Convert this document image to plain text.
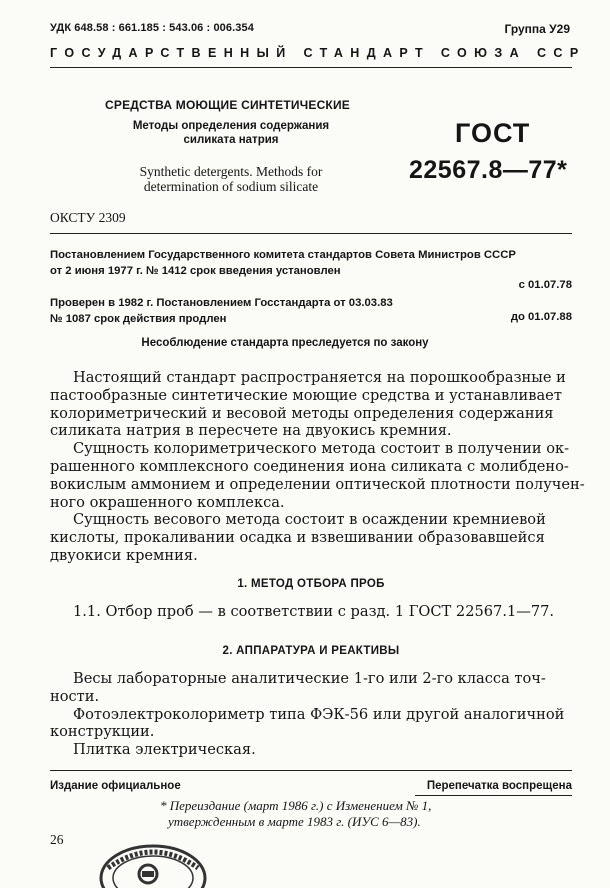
УДК 648.58 : 661.185 : 543.06 : 006.354	Группа У29
ГОСУДАРСТВЕННЫЙ СТАНДАРТ СОЮЗА ССР
СРЕДСТВА МОЮЩИЕ СИНТЕТИЧЕСКИЕ
Методы определения содержания
силиката натрия
Synthetic detergents. Methods for
determination of sodium silicate
ГОСТ
22567.8—77*
ОКСТУ 2309
Постановлением Государственного комитета стандартов Совета Министров СССР
от 2 июня 1977 г. № 1412 срок введения установлен
с 01.07.78
Проверен в 1982 г. Постановлением Госстандарта от 03.03.83
№ 1087 срок действия продлен	до 01.07.88
Несоблюдение стандарта преследуется по закону

Настоящий стандарт распространяется на порошкообразные и
пастообразные синтетические моющие средства и устанавливает
колориметрический и весовой методы определения содержания
силиката натрия в пересчете на двуокись кремния.

Сущность колориметрического метода состоит в получении ок-
рашенного комплексного соединения иона силиката с молибдено-
вокислым аммонием и определении оптической плотности получен-
ного окрашенного комплекса.

Сущность весового метода состоит в осаждении кремниевой
кислоты, прокаливании осадка и взвешивании образовавшейся
двуокиси кремния.

1. МЕТОД ОТБОРА ПРОБ

1.1. Отбор проб — в соответствии с разд. 1 ГОСТ 22567.1—77.

2. АППАРАТУРА И РЕАКТИВЫ

Весы лабораторные аналитические 1-го или 2-го класса точ-
ности.

Фотоэлектроколориметр типа ФЭК-56 или другой аналогичной
конструкции.

Плитка электрическая.

Издание официальное	Перепечатка воспрещена
* Переиздание (март 1986 г.) с Изменением № 1,
утвержденным в марте 1983 г. (ИУС 6—83).
26
